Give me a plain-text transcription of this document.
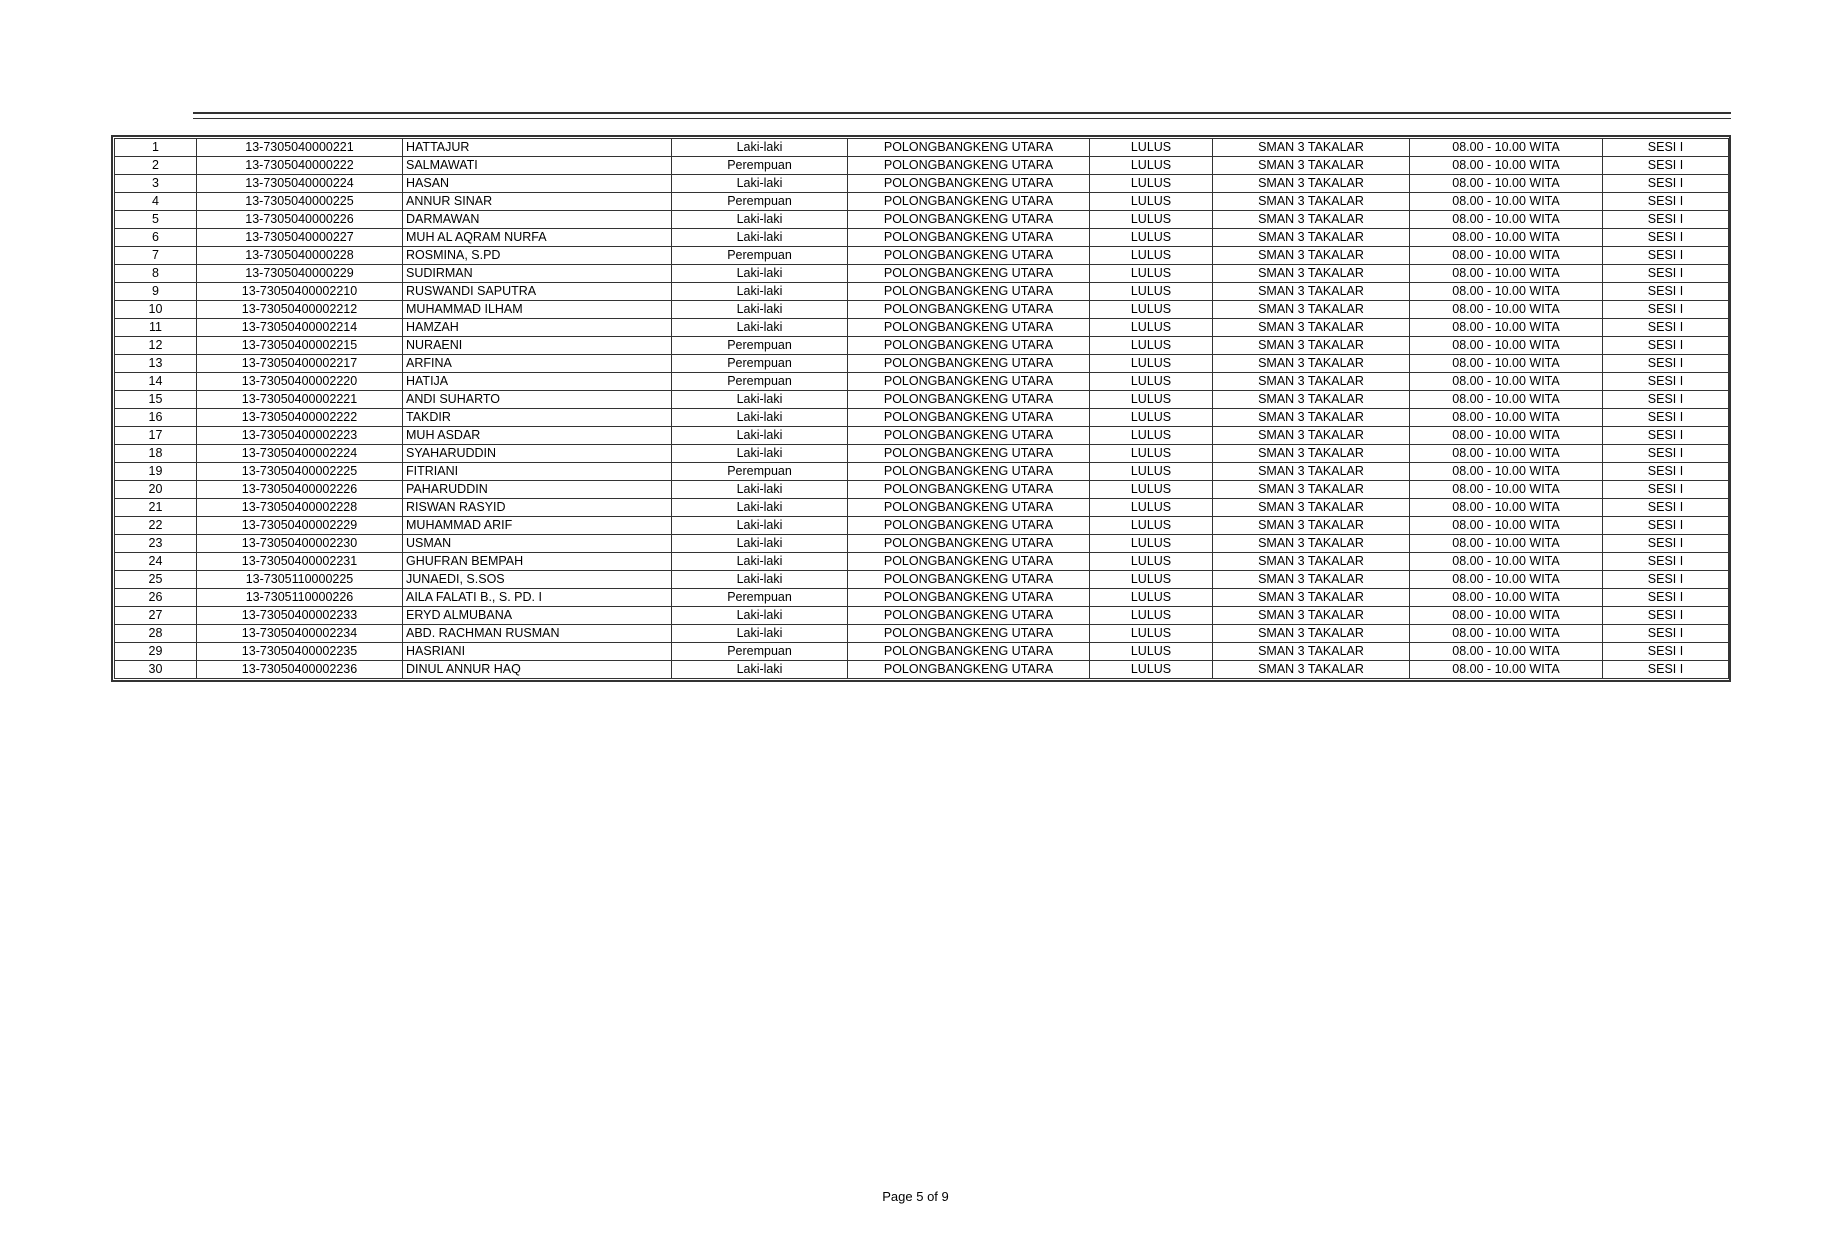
1	13-7305040000221	HATTAJUR	Laki-laki	POLONGBANGKENG UTARA	LULUS	SMAN 3 TAKALAR	08.00 - 10.00 WITA	SESI I
2	13-7305040000222	SALMAWATI	Perempuan	POLONGBANGKENG UTARA	LULUS	SMAN 3 TAKALAR	08.00 - 10.00 WITA	SESI I
3	13-7305040000224	HASAN	Laki-laki	POLONGBANGKENG UTARA	LULUS	SMAN 3 TAKALAR	08.00 - 10.00 WITA	SESI I
4	13-7305040000225	ANNUR SINAR	Perempuan	POLONGBANGKENG UTARA	LULUS	SMAN 3 TAKALAR	08.00 - 10.00 WITA	SESI I
5	13-7305040000226	DARMAWAN	Laki-laki	POLONGBANGKENG UTARA	LULUS	SMAN 3 TAKALAR	08.00 - 10.00 WITA	SESI I
6	13-7305040000227	MUH AL AQRAM NURFA	Laki-laki	POLONGBANGKENG UTARA	LULUS	SMAN 3 TAKALAR	08.00 - 10.00 WITA	SESI I
7	13-7305040000228	ROSMINA, S.PD	Perempuan	POLONGBANGKENG UTARA	LULUS	SMAN 3 TAKALAR	08.00 - 10.00 WITA	SESI I
8	13-7305040000229	SUDIRMAN	Laki-laki	POLONGBANGKENG UTARA	LULUS	SMAN 3 TAKALAR	08.00 - 10.00 WITA	SESI I
9	13-73050400002210	RUSWANDI SAPUTRA	Laki-laki	POLONGBANGKENG UTARA	LULUS	SMAN 3 TAKALAR	08.00 - 10.00 WITA	SESI I
10	13-73050400002212	MUHAMMAD ILHAM	Laki-laki	POLONGBANGKENG UTARA	LULUS	SMAN 3 TAKALAR	08.00 - 10.00 WITA	SESI I
11	13-73050400002214	HAMZAH	Laki-laki	POLONGBANGKENG UTARA	LULUS	SMAN 3 TAKALAR	08.00 - 10.00 WITA	SESI I
12	13-73050400002215	NURAENI	Perempuan	POLONGBANGKENG UTARA	LULUS	SMAN 3 TAKALAR	08.00 - 10.00 WITA	SESI I
13	13-73050400002217	ARFINA	Perempuan	POLONGBANGKENG UTARA	LULUS	SMAN 3 TAKALAR	08.00 - 10.00 WITA	SESI I
14	13-73050400002220	HATIJA	Perempuan	POLONGBANGKENG UTARA	LULUS	SMAN 3 TAKALAR	08.00 - 10.00 WITA	SESI I
15	13-73050400002221	ANDI SUHARTO	Laki-laki	POLONGBANGKENG UTARA	LULUS	SMAN 3 TAKALAR	08.00 - 10.00 WITA	SESI I
16	13-73050400002222	TAKDIR	Laki-laki	POLONGBANGKENG UTARA	LULUS	SMAN 3 TAKALAR	08.00 - 10.00 WITA	SESI I
17	13-73050400002223	MUH ASDAR	Laki-laki	POLONGBANGKENG UTARA	LULUS	SMAN 3 TAKALAR	08.00 - 10.00 WITA	SESI I
18	13-73050400002224	SYAHARUDDIN	Laki-laki	POLONGBANGKENG UTARA	LULUS	SMAN 3 TAKALAR	08.00 - 10.00 WITA	SESI I
19	13-73050400002225	FITRIANI	Perempuan	POLONGBANGKENG UTARA	LULUS	SMAN 3 TAKALAR	08.00 - 10.00 WITA	SESI I
20	13-73050400002226	PAHARUDDIN	Laki-laki	POLONGBANGKENG UTARA	LULUS	SMAN 3 TAKALAR	08.00 - 10.00 WITA	SESI I
21	13-73050400002228	RISWAN RASYID	Laki-laki	POLONGBANGKENG UTARA	LULUS	SMAN 3 TAKALAR	08.00 - 10.00 WITA	SESI I
22	13-73050400002229	MUHAMMAD ARIF	Laki-laki	POLONGBANGKENG UTARA	LULUS	SMAN 3 TAKALAR	08.00 - 10.00 WITA	SESI I
23	13-73050400002230	USMAN	Laki-laki	POLONGBANGKENG UTARA	LULUS	SMAN 3 TAKALAR	08.00 - 10.00 WITA	SESI I
24	13-73050400002231	GHUFRAN BEMPAH	Laki-laki	POLONGBANGKENG UTARA	LULUS	SMAN 3 TAKALAR	08.00 - 10.00 WITA	SESI I
25	13-7305110000225	JUNAEDI, S.SOS	Laki-laki	POLONGBANGKENG UTARA	LULUS	SMAN 3 TAKALAR	08.00 - 10.00 WITA	SESI I
26	13-7305110000226	AILA FALATI B., S. PD. I	Perempuan	POLONGBANGKENG UTARA	LULUS	SMAN 3 TAKALAR	08.00 - 10.00 WITA	SESI I
27	13-73050400002233	ERYD ALMUBANA	Laki-laki	POLONGBANGKENG UTARA	LULUS	SMAN 3 TAKALAR	08.00 - 10.00 WITA	SESI I
28	13-73050400002234	ABD. RACHMAN RUSMAN	Laki-laki	POLONGBANGKENG UTARA	LULUS	SMAN 3 TAKALAR	08.00 - 10.00 WITA	SESI I
29	13-73050400002235	HASRIANI	Perempuan	POLONGBANGKENG UTARA	LULUS	SMAN 3 TAKALAR	08.00 - 10.00 WITA	SESI I
30	13-73050400002236	DINUL ANNUR HAQ	Laki-laki	POLONGBANGKENG UTARA	LULUS	SMAN 3 TAKALAR	08.00 - 10.00 WITA	SESI I
Page 5 of 9
